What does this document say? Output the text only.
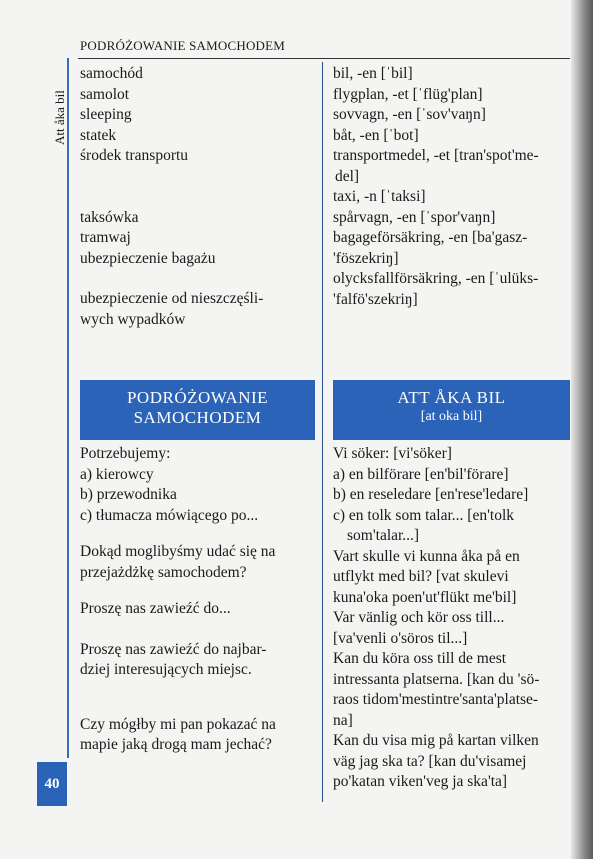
PODRÓŻOWANIE SAMOCHODEM
Att åka bil
40

samochód

samolot

sleeping

statek

środek transportu

taksówka

tramwaj

ubezpieczenie bagażu

ubezpieczenie od nieszczęśli-

wych wypadków

bil, -en [ˈbil]

flygplan, -et [ˈflüg'plan]

sovvagn, -en [ˈsov'vaŋn]

båt, -en [ˈbot]

transportmedel, -et [tran'spot'me-

del]

taxi, -n [ˈtaksi]

spårvagn, -en [ˈspor'vaŋn]

bagageförsäkring, -en [ba'gasz-

'föszekriŋ]

olycksfallförsäkring, -en [ˈulüks-

'falfö'szekriŋ]

PODRÓŻOWANIE
SAMOCHODEM
ATT ÅKA BIL
[at oka bil]

Potrzebujemy:

a) kierowcy

b) przewodnika

c) tłumacza mówiącego po...

Dokąd moglibyśmy udać się na

przejażdżkę samochodem?

Proszę nas zawieźć do...

Proszę nas zawieźć do najbar-

dziej interesujących miejsc.

Czy mógłby mi pan pokazać na

mapie jaką drogą mam jechać?

Vi söker: [vi'söker]

a) en bilförare [en'bil'förare]

b) en reseledare [en'rese'ledare]

c) en tolk som talar... [en'tolk

som'talar...]

Vart skulle vi kunna åka på en

utflykt med bil? [vat skulevi

kuna'oka poen'ut'flükt me'bil]

Var vänlig och kör oss till...

[va'venli o'söros til...]

Kan du köra oss till de mest

intressanta platserna. [kan du 'sö-

raos tidom'mestintre'santa'platse-

na]

Kan du visa mig på kartan vilken

väg jag ska ta? [kan du'visamej

po'katan viken'veg ja ska'ta]
